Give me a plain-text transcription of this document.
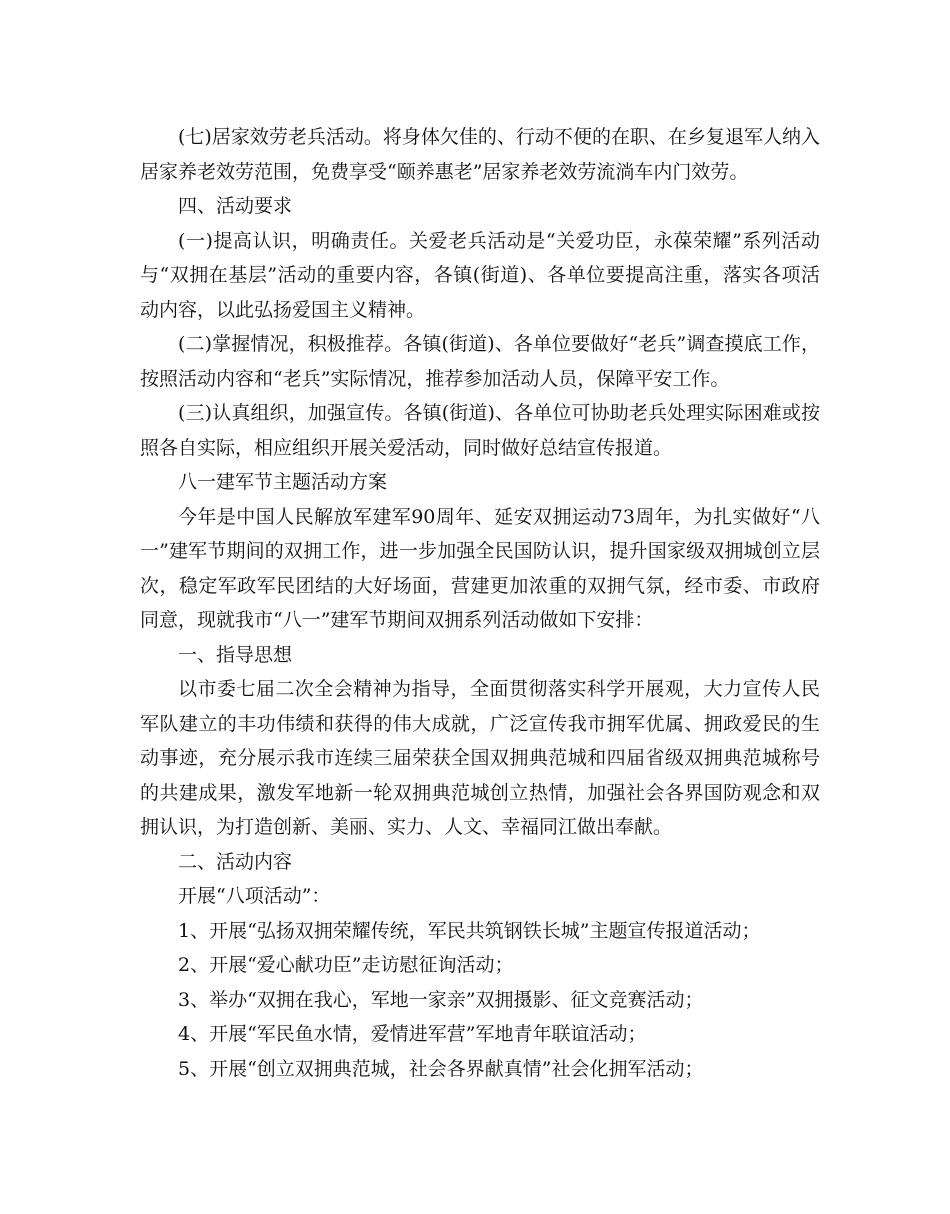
(七)居家效劳老兵活动。将身体欠佳的、行动不便的在职、在乡复退军人纳入居家养老效劳范围，免费享受“颐养惠老”居家养老效劳流淌车内门效劳。

四、活动要求

(一)提高认识，明确责任。关爱老兵活动是“关爱功臣，永葆荣耀”系列活动与“双拥在基层”活动的重要内容，各镇(街道)、各单位要提高注重，落实各项活动内容，以此弘扬爱国主义精神。

(二)掌握情况，积极推荐。各镇(街道)、各单位要做好“老兵”调查摸底工作，按照活动内容和“老兵”实际情况，推荐参加活动人员，保障平安工作。

(三)认真组织，加强宣传。各镇(街道)、各单位可协助老兵处理实际困难或按照各自实际，相应组织开展关爱活动，同时做好总结宣传报道。

八一建军节主题活动方案

今年是中国人民解放军建军90周年、延安双拥运动73周年，为扎实做好“八一”建军节期间的双拥工作，进一步加强全民国防认识，提升国家级双拥城创立层次，稳定军政军民团结的大好场面，营建更加浓重的双拥气氛，经市委、市政府同意，现就我市“八一”建军节期间双拥系列活动做如下安排：

一、指导思想

以市委七届二次全会精神为指导，全面贯彻落实科学开展观，大力宣传人民军队建立的丰功伟绩和获得的伟大成就，广泛宣传我市拥军优属、拥政爱民的生动事迹，充分展示我市连续三届荣获全国双拥典范城和四届省级双拥典范城称号的共建成果，激发军地新一轮双拥典范城创立热情，加强社会各界国防观念和双拥认识，为打造创新、美丽、实力、人文、幸福同江做出奉献。

二、活动内容

开展“八项活动”：

1、开展“弘扬双拥荣耀传统，军民共筑钢铁长城”主题宣传报道活动；

2、开展“爱心献功臣”走访慰征询活动；

3、举办“双拥在我心，军地一家亲”双拥摄影、征文竞赛活动；

4、开展“军民鱼水情，爱情进军营”军地青年联谊活动；

5、开展“创立双拥典范城，社会各界献真情”社会化拥军活动；
